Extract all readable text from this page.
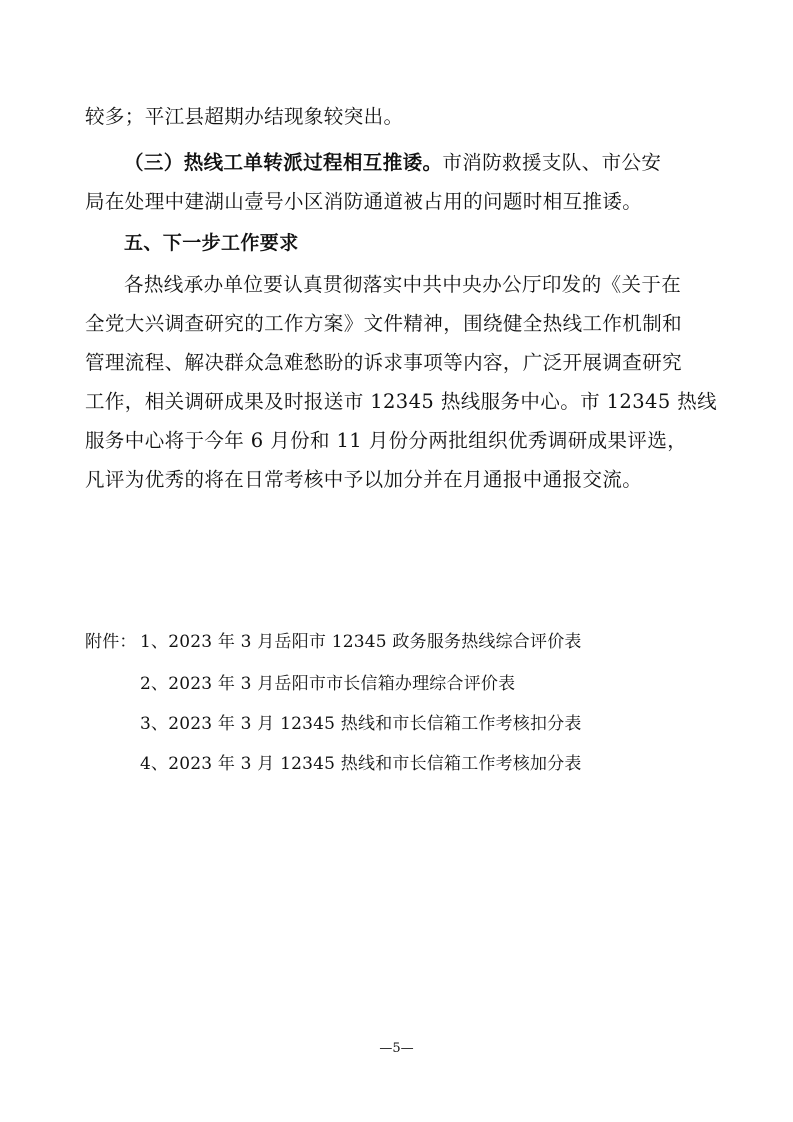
较多；平江县超期办结现象较突出。
（三）热线工单转派过程相互推诿。市消防救援支队、市公安
局在处理中建湖山壹号小区消防通道被占用的问题时相互推诿。
五、下一步工作要求
各热线承办单位要认真贯彻落实中共中央办公厅印发的《关于在
全党大兴调查研究的工作方案》文件精神，围绕健全热线工作机制和
管理流程、解决群众急难愁盼的诉求事项等内容，广泛开展调查研究
工作，相关调研成果及时报送市 12345 热线服务中心。市 12345 热线
服务中心将于今年 6 月份和 11 月份分两批组织优秀调研成果评选，
凡评为优秀的将在日常考核中予以加分并在月通报中通报交流。
附件： 1、2023 年 3 月岳阳市 12345 政务服务热线综合评价表
2、2023 年 3 月岳阳市市长信箱办理综合评价表
3、2023 年 3 月 12345 热线和市长信箱工作考核扣分表
4、2023 年 3 月 12345 热线和市长信箱工作考核加分表
—5—
